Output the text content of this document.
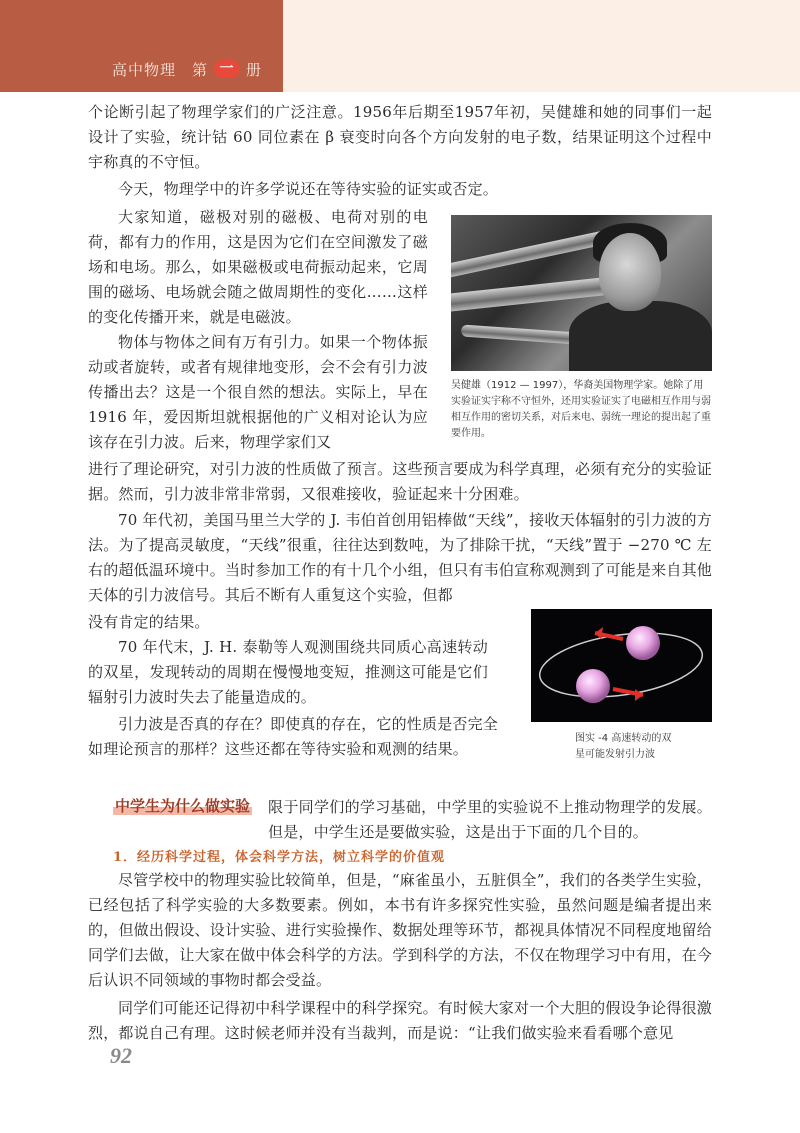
高中物理 第 一 册

个论断引起了物理学家们的广泛注意。1956年后期至1957年初，吴健雄和她的同事们一起设计了实验，统计钴 60 同位素在 β 衰变时向各个方向发射的电子数，结果证明这个过程中宇称真的不守恒。

今天，物理学中的许多学说还在等待实验的证实或否定。

大家知道，磁极对别的磁极、电荷对别的电荷，都有力的作用，这是因为它们在空间激发了磁场和电场。那么，如果磁极或电荷振动起来，它周围的磁场、电场就会随之做周期性的变化……这样的变化传播开来，就是电磁波。

物体与物体之间有万有引力。如果一个物体振动或者旋转，或者有规律地变形，会不会有引力波传播出去？这是一个很自然的想法。实际上，早在 1916 年，爱因斯坦就根据他的广义相对论认为应该存在引力波。后来，物理学家们又

进行了理论研究，对引力波的性质做了预言。这些预言要成为科学真理，必须有充分的实验证据。然而，引力波非常非常弱，又很难接收，验证起来十分困难。

70 年代初，美国马里兰大学的 J. 韦伯首创用铝棒做“天线”，接收天体辐射的引力波的方法。为了提高灵敏度，“天线”很重，往往达到数吨，为了排除干扰，“天线”置于 −270 ℃ 左右的超低温环境中。当时参加工作的有十几个小组，但只有韦伯宣称观测到了可能是来自其他天体的引力波信号。其后不断有人重复这个实验，但都

没有肯定的结果。

70 年代末，J. H. 泰勒等人观测围绕共同质心高速转动的双星，发现转动的周期在慢慢地变短，推测这可能是它们辐射引力波时失去了能量造成的。

引力波是否真的存在？即使真的存在，它的性质是否完全如理论预言的那样？这些还都在等待实验和观测的结果。

吴健雄（1912 — 1997），华裔美国物理学家。她除了用实验证实宇称不守恒外，还用实验证实了电磁相互作用与弱相互作用的密切关系，对后来电、弱统一理论的提出起了重要作用。
图实 -4 高速转动的双
星可能发射引力波
中学生为什么做实验 限于同学们的学习基础，中学里的实验说不上推动物理学的发展。但是，中学生还是要做实验，这是出于下面的几个目的。

1．经历科学过程，体会科学方法，树立科学的价值观

尽管学校中的物理实验比较简单，但是，“麻雀虽小，五脏俱全”，我们的各类学生实验，已经包括了科学实验的大多数要素。例如，本书有许多探究性实验，虽然问题是编者提出来的，但做出假设、设计实验、进行实验操作、数据处理等环节，都视具体情况不同程度地留给同学们去做，让大家在做中体会科学的方法。学到科学的方法，不仅在物理学习中有用，在今后认识不同领域的事物时都会受益。

同学们可能还记得初中科学课程中的科学探究。有时候大家对一个大胆的假设争论得很激烈，都说自己有理。这时候老师并没有当裁判，而是说：“让我们做实验来看看哪个意见

92
